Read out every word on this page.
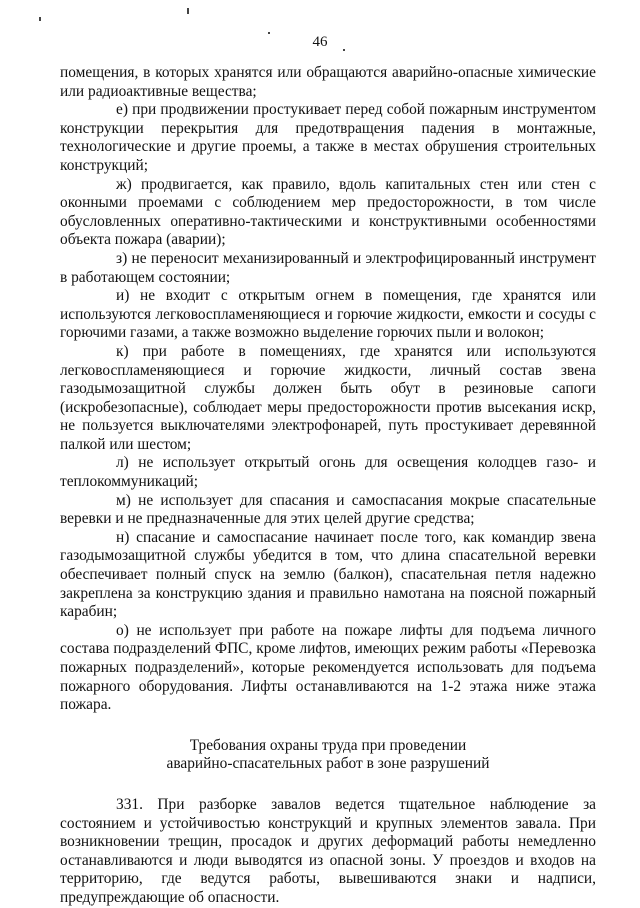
46

помещения, в которых хранятся или обращаются аварийно-опасные химические или радиоактивные вещества;

е) при продвижении простукивает перед собой пожарным инструментом конструкции перекрытия для предотвращения падения в монтажные, технологические и другие проемы, а также в местах обрушения строительных конструкций;

ж) продвигается, как правило, вдоль капитальных стен или стен с оконными проемами с соблюдением мер предосторожности, в том числе обусловленных оперативно-тактическими и конструктивными особенностями объекта пожара (аварии);

з) не переносит механизированный и электрофицированный инструмент в работающем состоянии;

и) не входит с открытым огнем в помещения, где хранятся или используются легковоспламеняющиеся и горючие жидкости, емкости и сосуды с горючими газами, а также возможно выделение горючих пыли и волокон;

к) при работе в помещениях, где хранятся или используются легковоспламеняющиеся и горючие жидкости, личный состав звена газодымозащитной службы должен быть обут в резиновые сапоги (искробезопасные), соблюдает меры предосторожности против высекания искр, не пользуется выключателями электрофонарей, путь простукивает деревянной палкой или шестом;

л) не использует открытый огонь для освещения колодцев газо- и теплокоммуникаций;

м) не использует для спасания и самоспасания мокрые спасательные веревки и не предназначенные для этих целей другие средства;

н) спасание и самоспасание начинает после того, как командир звена газодымозащитной службы убедится в том, что длина спасательной веревки обеспечивает полный спуск на землю (балкон), спасательная петля надежно закреплена за конструкцию здания и правильно намотана на поясной пожарный карабин;

о) не использует при работе на пожаре лифты для подъема личного состава подразделений ФПС, кроме лифтов, имеющих режим работы «Перевозка пожарных подразделений», которые рекомендуется использовать для подъема пожарного оборудования. Лифты останавливаются на 1-2 этажа ниже этажа пожара.

Требования охраны труда при проведении

аварийно-спасательных работ в зоне разрушений

331. При разборке завалов ведется тщательное наблюдение за состоянием и устойчивостью конструкций и крупных элементов завала. При возникновении трещин, просадок и других деформаций работы немедленно останавливаются и люди выводятся из опасной зоны. У проездов и входов на территорию, где ведутся работы, вывешиваются знаки и надписи, предупреждающие об опасности.
